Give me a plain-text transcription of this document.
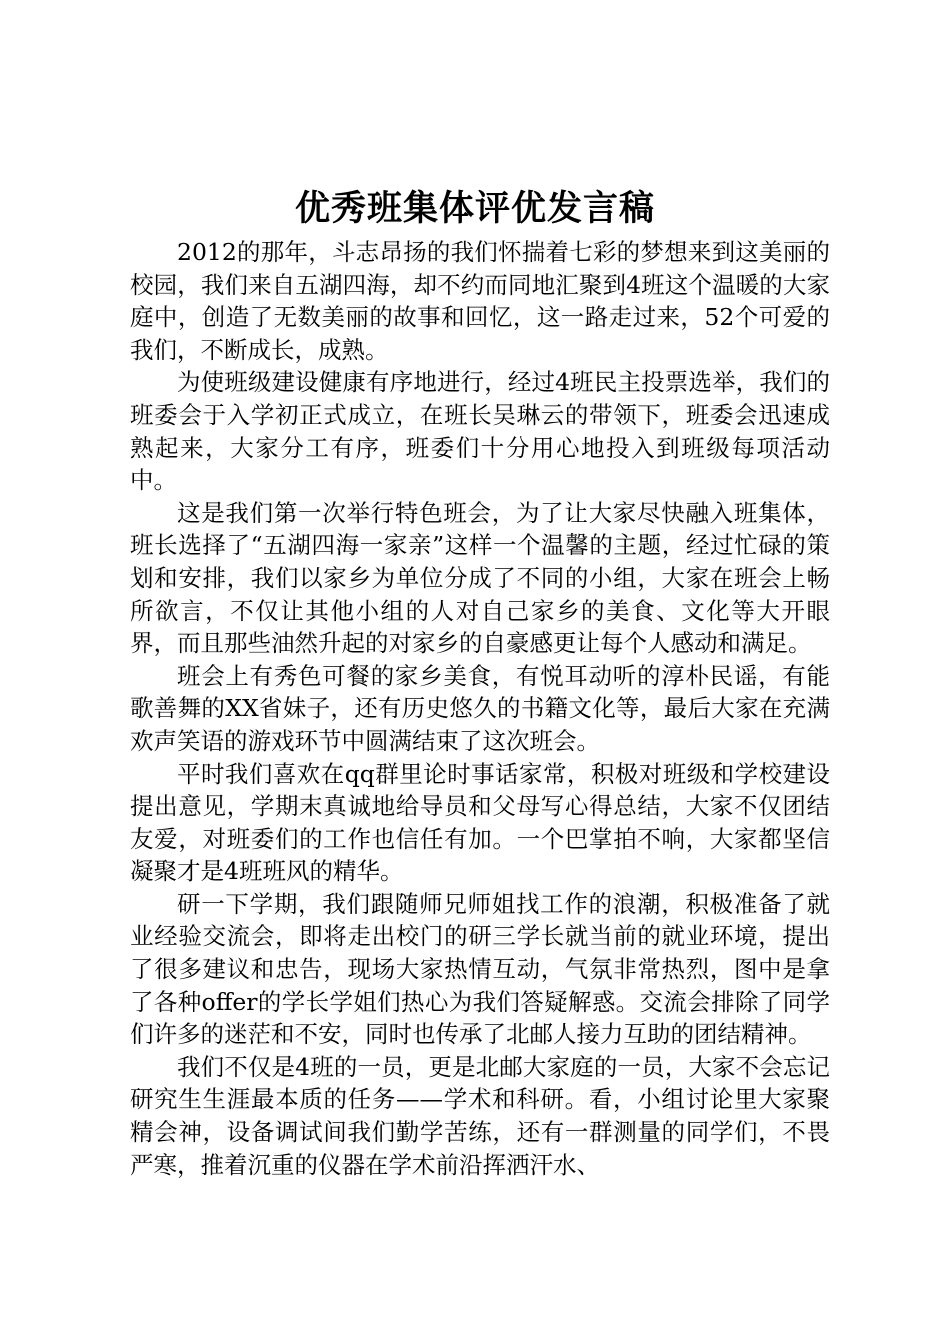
优秀班集体评优发言稿

2012的那年，斗志昂扬的我们怀揣着七彩的梦想来到这美丽的校园，我们来自五湖四海，却不约而同地汇聚到4班这个温暖的大家庭中，创造了无数美丽的故事和回忆，这一路走过来，52个可爱的我们，不断成长，成熟。

为使班级建设健康有序地进行，经过4班民主投票选举，我们的班委会于入学初正式成立，在班长吴琳云的带领下，班委会迅速成熟起来，大家分工有序，班委们十分用心地投入到班级每项活动中。

这是我们第一次举行特色班会，为了让大家尽快融入班集体，班长选择了“五湖四海一家亲”这样一个温馨的主题，经过忙碌的策划和安排，我们以家乡为单位分成了不同的小组，大家在班会上畅所欲言，不仅让其他小组的人对自己家乡的美食、文化等大开眼界，而且那些油然升起的对家乡的自豪感更让每个人感动和满足。

班会上有秀色可餐的家乡美食，有悦耳动听的淳朴民谣，有能歌善舞的XX省妹子，还有历史悠久的书籍文化等，最后大家在充满欢声笑语的游戏环节中圆满结束了这次班会。

平时我们喜欢在qq群里论时事话家常，积极对班级和学校建设提出意见，学期末真诚地给导员和父母写心得总结，大家不仅团结友爱，对班委们的工作也信任有加。一个巴掌拍不响，大家都坚信凝聚才是4班班风的精华。

研一下学期，我们跟随师兄师姐找工作的浪潮，积极准备了就业经验交流会，即将走出校门的研三学长就当前的就业环境，提出了很多建议和忠告，现场大家热情互动，气氛非常热烈，图中是拿了各种offer的学长学姐们热心为我们答疑解惑。交流会排除了同学们许多的迷茫和不安，同时也传承了北邮人接力互助的团结精神。

我们不仅是4班的一员，更是北邮大家庭的一员，大家不会忘记研究生生涯最本质的任务——学术和科研。看，小组讨论里大家聚精会神，设备调试间我们勤学苦练，还有一群测量的同学们，不畏严寒，推着沉重的仪器在学术前沿挥洒汗水、
